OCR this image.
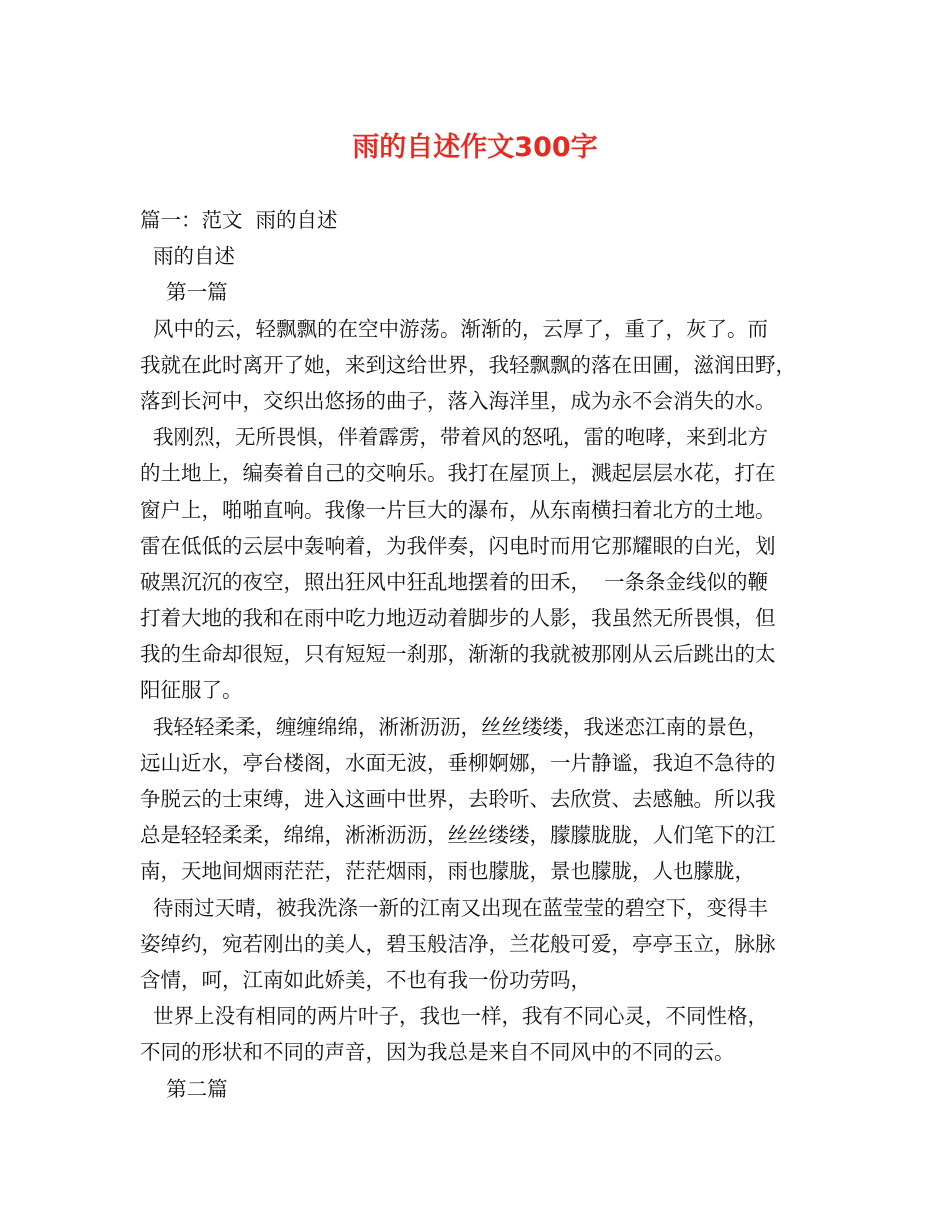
雨的自述作文300字

篇一：范文  雨的自述

雨的自述

第一篇

风中的云，轻飘飘的在空中游荡。渐渐的，云厚了，重了，灰了。而

我就在此时离开了她，来到这给世界，我轻飘飘的落在田圃，滋润田野，

落到长河中，交织出悠扬的曲子，落入海洋里，成为永不会消失的水。

我刚烈，无所畏惧，伴着霹雳，带着风的怒吼，雷的咆哮，来到北方

的土地上，编奏着自己的交响乐。我打在屋顶上，溅起层层水花，打在

窗户上，啪啪直响。我像一片巨大的瀑布，从东南横扫着北方的土地。

雷在低低的云层中轰响着，为我伴奏，闪电时而用它那耀眼的白光，划

破黑沉沉的夜空，照出狂风中狂乱地摆着的田禾，  一条条金线似的鞭

打着大地的我和在雨中吃力地迈动着脚步的人影，我虽然无所畏惧，但

我的生命却很短，只有短短一刹那，渐渐的我就被那刚从云后跳出的太

阳征服了。

我轻轻柔柔，缠缠绵绵，淅淅沥沥，丝丝缕缕，我迷恋江南的景色，

远山近水，亭台楼阁，水面无波，垂柳婀娜，一片静谧，我迫不急待的

争脱云的士束缚，进入这画中世界，去聆听、去欣赏、去感触。所以我

总是轻轻柔柔，绵绵，淅淅沥沥，丝丝缕缕，朦朦胧胧，人们笔下的江

南，天地间烟雨茫茫，茫茫烟雨，雨也朦胧，景也朦胧，人也朦胧，

待雨过天晴，被我洗涤一新的江南又出现在蓝莹莹的碧空下，变得丰

姿绰约，宛若刚出的美人，碧玉般洁净，兰花般可爱，亭亭玉立，脉脉

含情，呵，江南如此娇美，不也有我一份功劳吗，

世界上没有相同的两片叶子，我也一样，我有不同心灵，不同性格，

不同的形状和不同的声音，因为我总是来自不同风中的不同的云。

第二篇
